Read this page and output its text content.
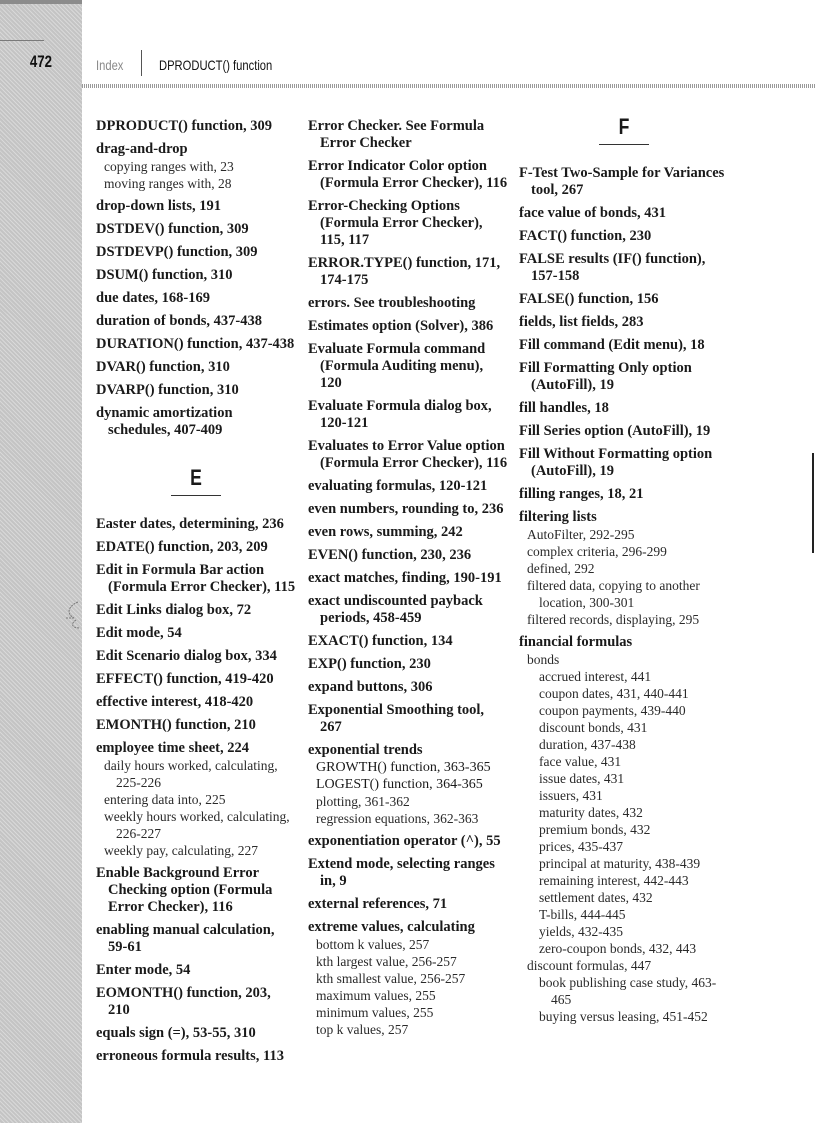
472	Index	DPRODUCT() function
DPRODUCT() function, 309
drag-and-drop
copying ranges with, 23
moving ranges with, 28
drop-down lists, 191
DSTDEV() function, 309
DSTDEVP() function, 309
DSUM() function, 310
due dates, 168-169
duration of bonds, 437-438
DURATION() function, 437-438
DVAR() function, 310
DVARP() function, 310
dynamic amortization schedules, 407-409
E
Easter dates, determining, 236
EDATE() function, 203, 209
Edit in Formula Bar action (Formula Error Checker), 115
Edit Links dialog box, 72
Edit mode, 54
Edit Scenario dialog box, 334
EFFECT() function, 419-420
effective interest, 418-420
EMONTH() function, 210
employee time sheet, 224
daily hours worked, calculating, 225-226
entering data into, 225
weekly hours worked, calculating, 226-227
weekly pay, calculating, 227
Enable Background Error Checking option (Formula Error Checker), 116
enabling manual calculation, 59-61
Enter mode, 54
EOMONTH() function, 203, 210
equals sign (=), 53-55, 310
erroneous formula results, 113
Error Checker. See Formula Error Checker
Error Indicator Color option (Formula Error Checker), 116
Error-Checking Options (Formula Error Checker), 115, 117
ERROR.TYPE() function, 171, 174-175
errors. See troubleshooting
Estimates option (Solver), 386
Evaluate Formula command (Formula Auditing menu), 120
Evaluate Formula dialog box, 120-121
Evaluates to Error Value option (Formula Error Checker), 116
evaluating formulas, 120-121
even numbers, rounding to, 236
even rows, summing, 242
EVEN() function, 230, 236
exact matches, finding, 190-191
exact undiscounted payback periods, 458-459
EXACT() function, 134
EXP() function, 230
expand buttons, 306
Exponential Smoothing tool, 267
exponential trends
GROWTH() function, 363-365
LOGEST() function, 364-365
plotting, 361-362
regression equations, 362-363
exponentiation operator (^), 55
Extend mode, selecting ranges in, 9
external references, 71
extreme values, calculating
bottom k values, 257
kth largest value, 256-257
kth smallest value, 256-257
maximum values, 255
minimum values, 255
top k values, 257
F
F-Test Two-Sample for Variances tool, 267
face value of bonds, 431
FACT() function, 230
FALSE results (IF() function), 157-158
FALSE() function, 156
fields, list fields, 283
Fill command (Edit menu), 18
Fill Formatting Only option (AutoFill), 19
fill handles, 18
Fill Series option (AutoFill), 19
Fill Without Formatting option (AutoFill), 19
filling ranges, 18, 21
filtering lists
AutoFilter, 292-295
complex criteria, 296-299
defined, 292
filtered data, copying to another location, 300-301
filtered records, displaying, 295
financial formulas
bonds
accrued interest, 441
coupon dates, 431, 440-441
coupon payments, 439-440
discount bonds, 431
duration, 437-438
face value, 431
issue dates, 431
issuers, 431
maturity dates, 432
premium bonds, 432
prices, 435-437
principal at maturity, 438-439
remaining interest, 442-443
settlement dates, 432
T-bills, 444-445
yields, 432-435
zero-coupon bonds, 432, 443
discount formulas, 447
book publishing case study, 463-465
buying versus leasing, 451-452
